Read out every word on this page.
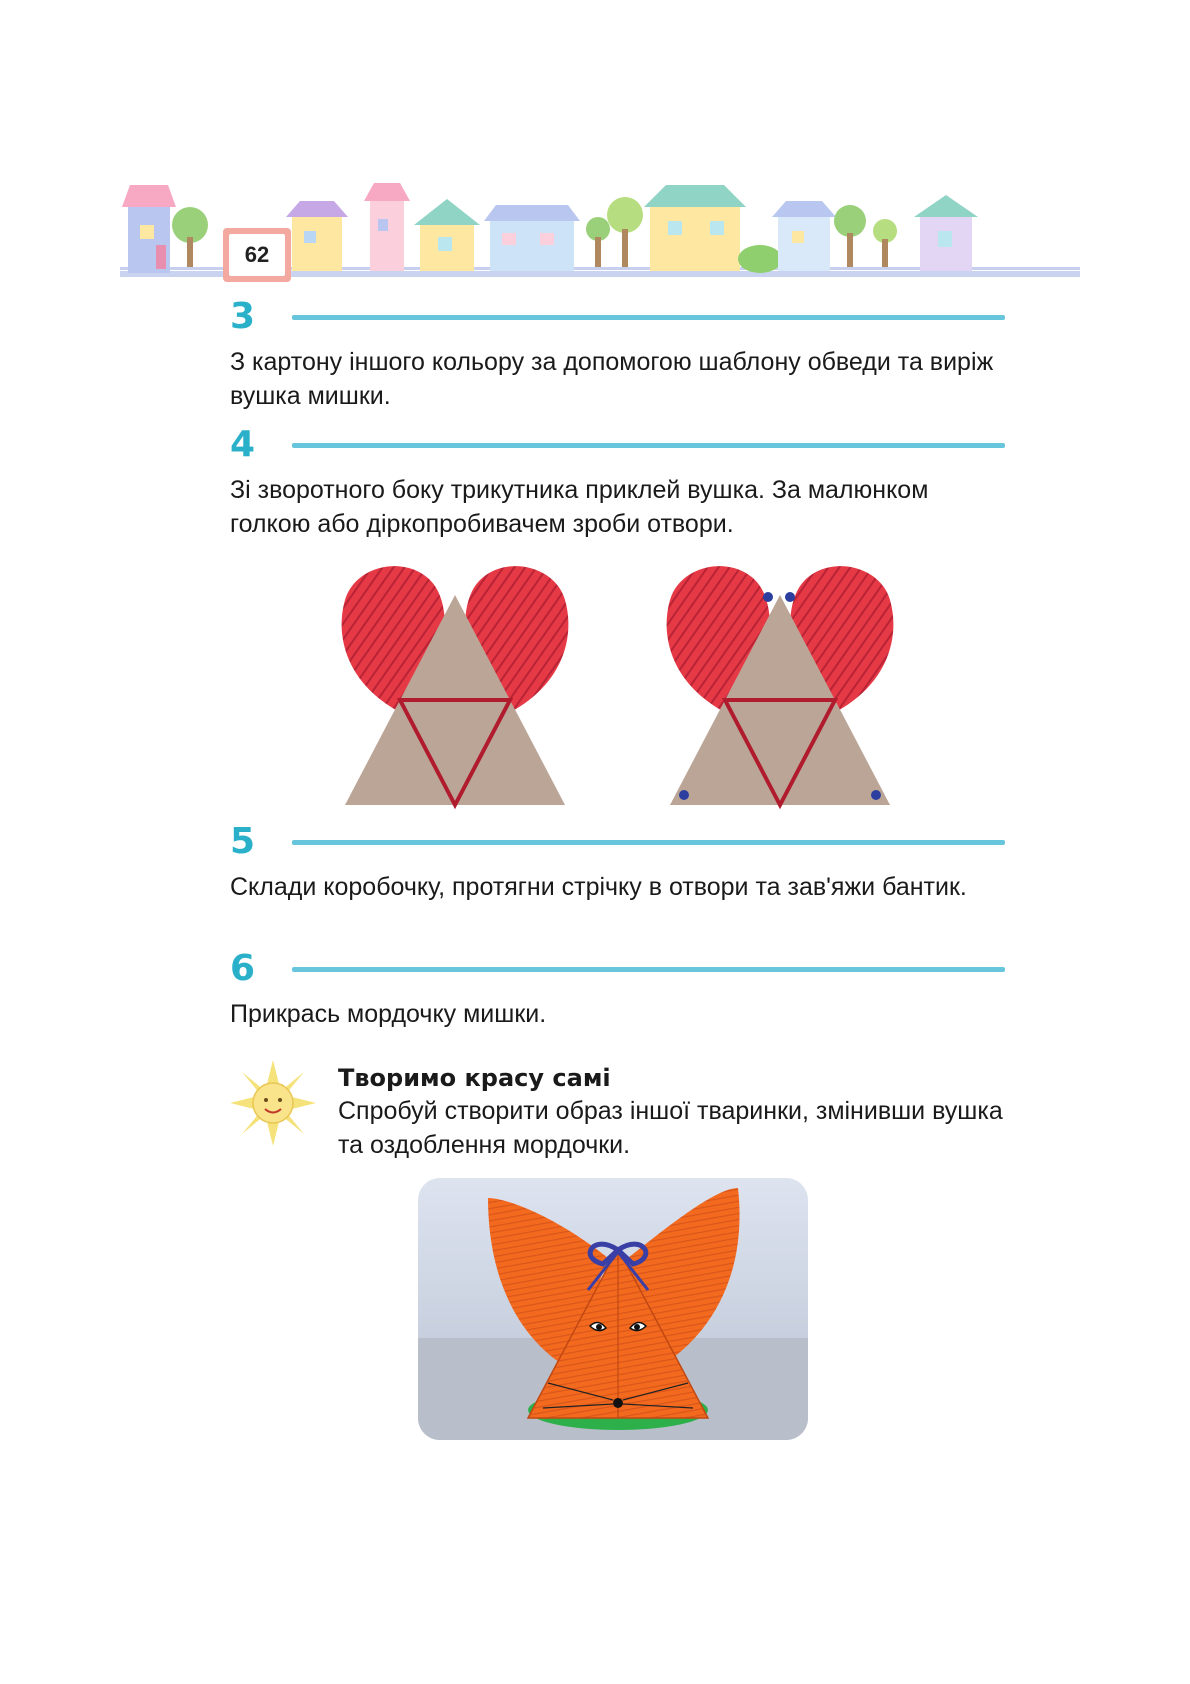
62
3

З картону іншого кольору за допомогою шаблону обведи та виріж вушка мишки.

4

Зі зворотного боку трикутника приклей вушка. За малюнком голкою або діркопробивачем зроби отвори.

5

Склади коробочку, протягни стрічку в отвори та зав'яжи бантик.

6

Прикрась мордочку мишки.

Творимо красу самі
Спробуй створити образ іншої тваринки, змінивши вушка та оздоблення мордочки.
